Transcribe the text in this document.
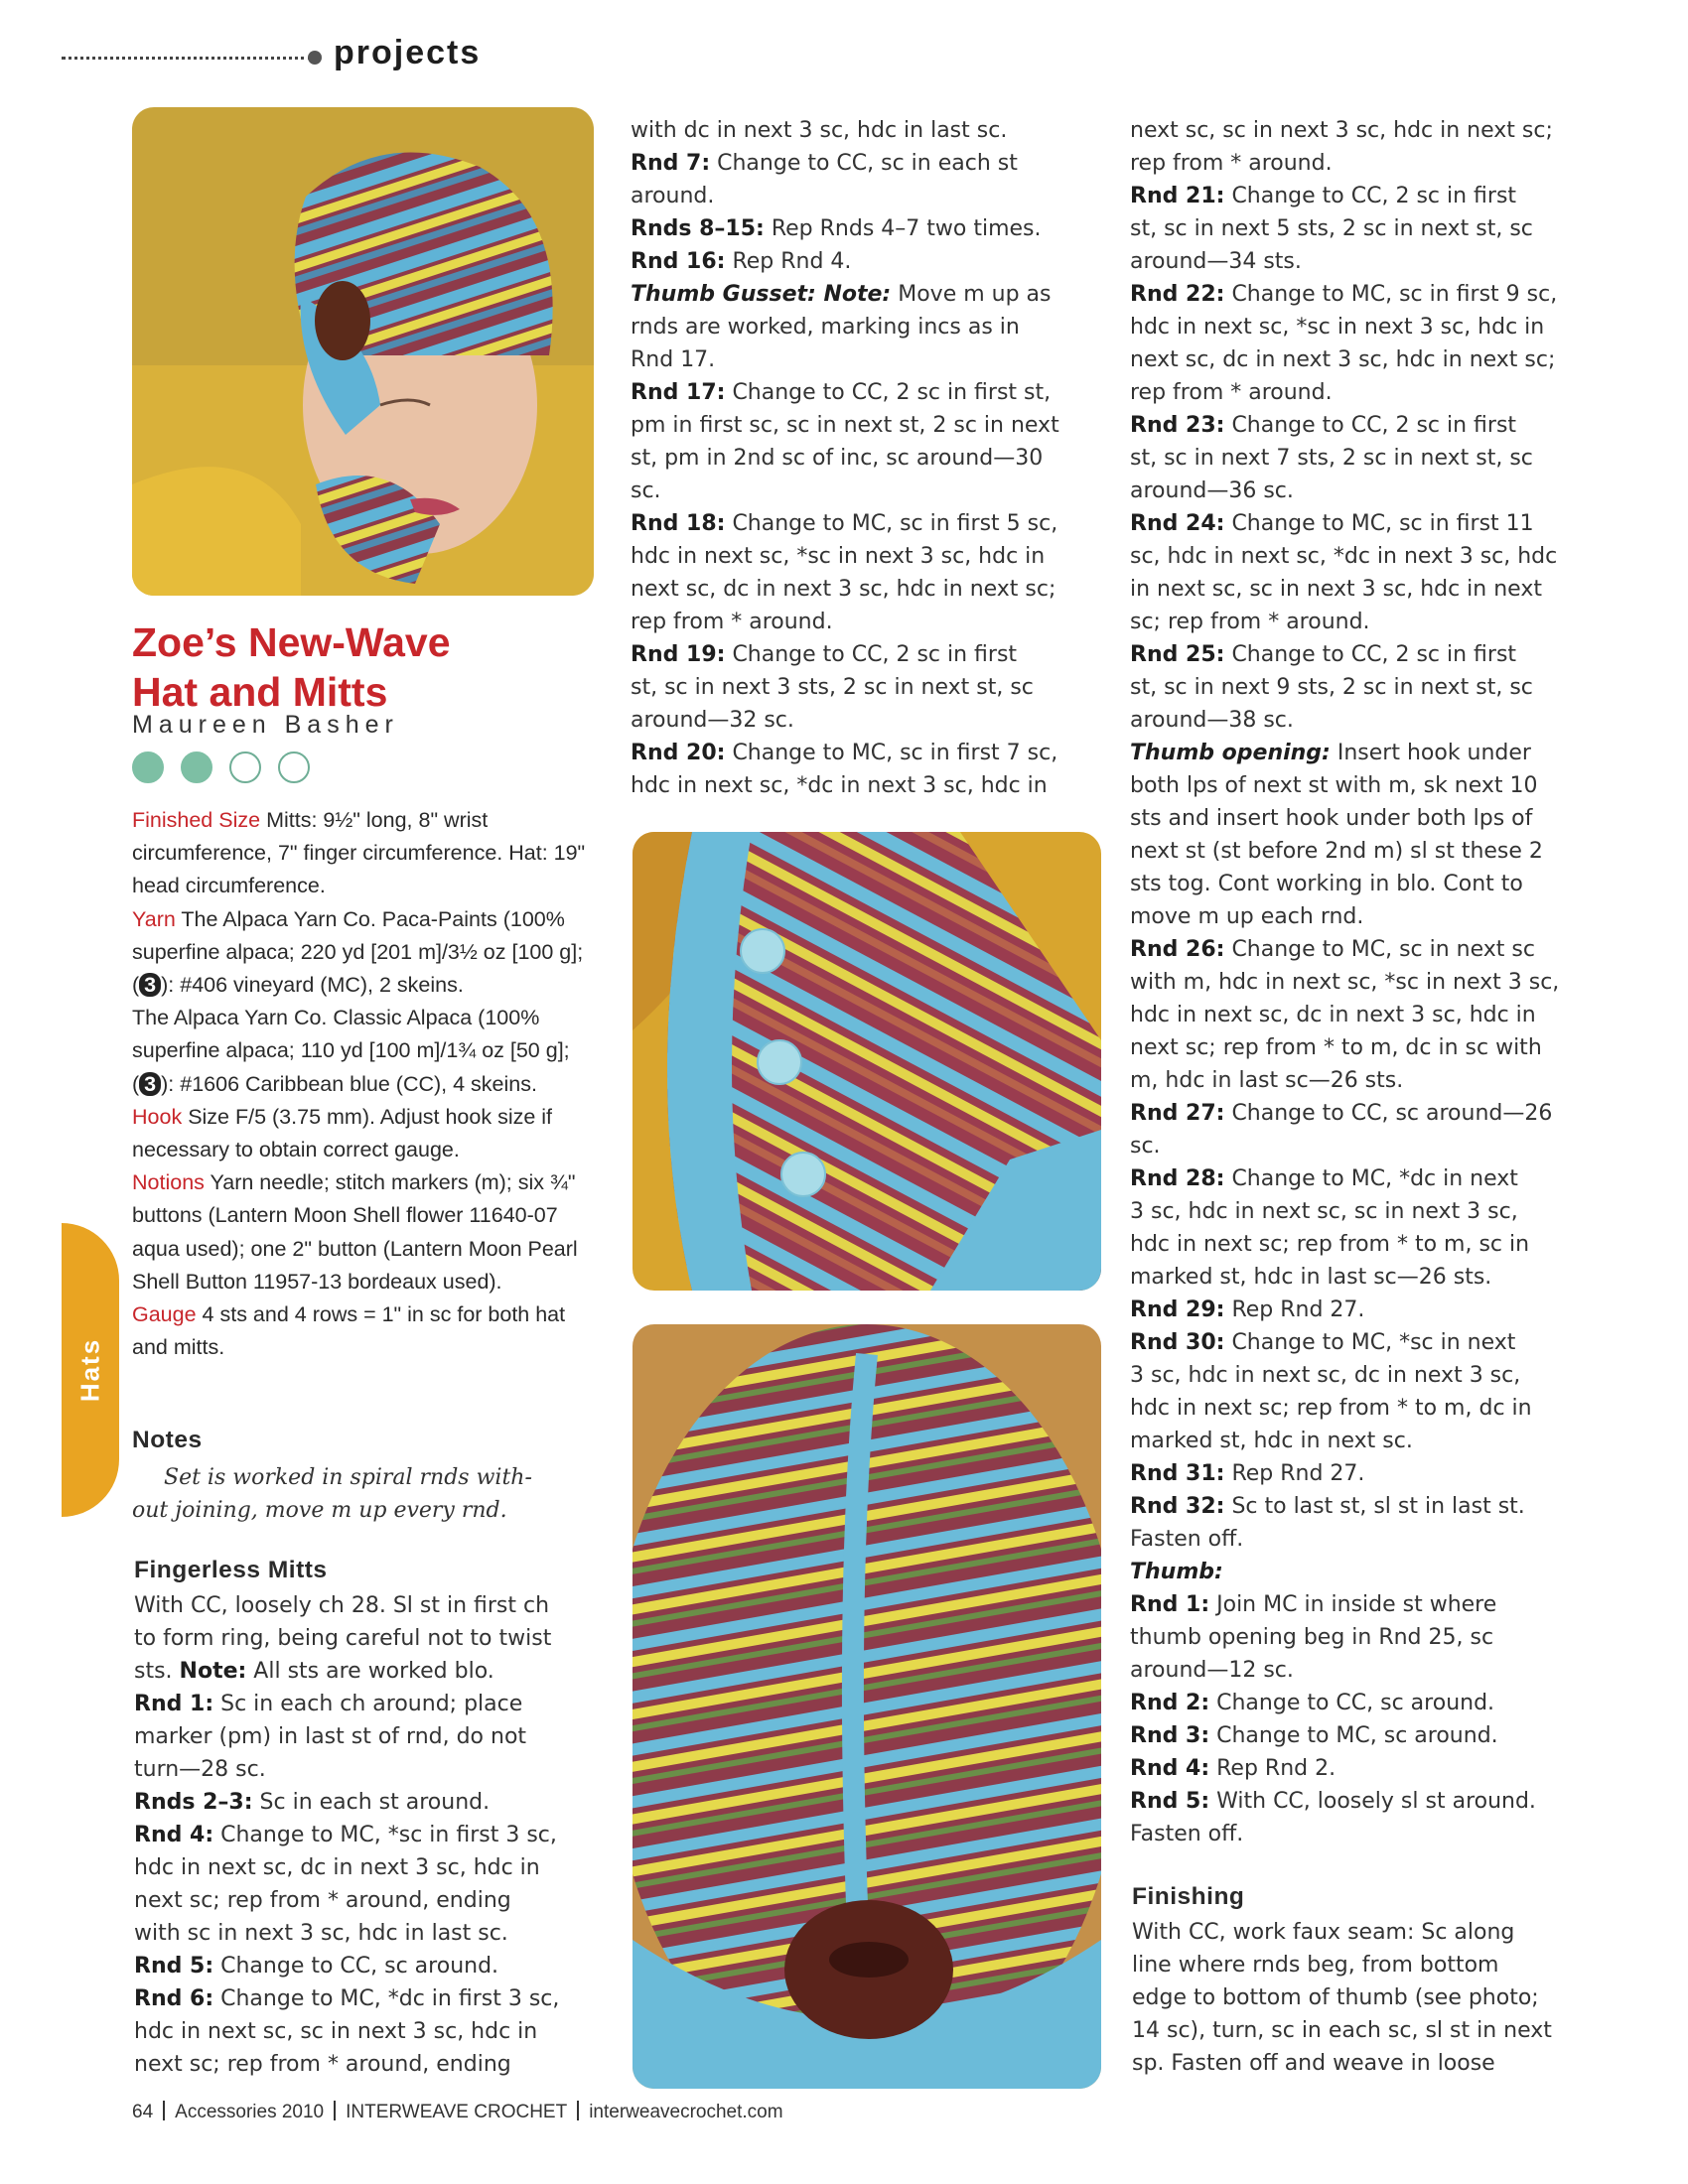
projects
Zoe’s New-Wave
Hat and Mitts
Maureen Basher

Finished Size Mitts: 9½" long, 8" wrist circumference, 7" finger circumference. Hat: 19" head circumference.

Yarn The Alpaca Yarn Co. Paca-Paints (100% superfine alpaca; 220 yd [201 m]/3½ oz [100 g]; ( 3 ): #406 vineyard (MC), 2 skeins.

The Alpaca Yarn Co. Classic Alpaca (100% superfine alpaca; 110 yd [100 m]/1¾ oz [50 g]; ( 3 ): #1606 Caribbean blue (CC), 4 skeins.

Hook Size F/5 (3.75 mm). Adjust hook size if necessary to obtain correct gauge.

Notions Yarn needle; stitch markers (m); six ¾" buttons (Lantern Moon Shell flower 11640-07 aqua used); one 2" button (Lantern Moon Pearl Shell Button 11957-13 bordeaux used).

Gauge 4 sts and 4 rows = 1" in sc for both hat and mitts.

Notes
Set is worked in spiral rnds with-
out joining, move m up every rnd.
Fingerless Mitts
With CC, loosely ch 28. Sl st in first ch
to form ring, being careful not to twist
sts. Note: All sts are worked blo.
Rnd 1: Sc in each ch around; place
marker (pm) in last st of rnd, do not
turn—28 sc.
Rnds 2–3: Sc in each st around.
Rnd 4: Change to MC, *sc in first 3 sc,
hdc in next sc, dc in next 3 sc, hdc in
next sc; rep from * around, ending
with sc in next 3 sc, hdc in last sc.
Rnd 5: Change to CC, sc around.
Rnd 6: Change to MC, *dc in first 3 sc,
hdc in next sc, sc in next 3 sc, hdc in
next sc; rep from * around, ending
with dc in next 3 sc, hdc in last sc.
Rnd 7: Change to CC, sc in each st
around.
Rnds 8–15: Rep Rnds 4–7 two times.
Rnd 16: Rep Rnd 4.
Thumb Gusset: Note: Move m up as
rnds are worked, marking incs as in
Rnd 17.
Rnd 17: Change to CC, 2 sc in first st,
pm in first sc, sc in next st, 2 sc in next
st, pm in 2nd sc of inc, sc around—30
sc.
Rnd 18: Change to MC, sc in first 5 sc,
hdc in next sc, *sc in next 3 sc, hdc in
next sc, dc in next 3 sc, hdc in next sc;
rep from * around.
Rnd 19: Change to CC, 2 sc in first
st, sc in next 3 sts, 2 sc in next st, sc
around—32 sc.
Rnd 20: Change to MC, sc in first 7 sc,
hdc in next sc, *dc in next 3 sc, hdc in
next sc, sc in next 3 sc, hdc in next sc;
rep from * around.
Rnd 21: Change to CC, 2 sc in first
st, sc in next 5 sts, 2 sc in next st, sc
around—34 sts.
Rnd 22: Change to MC, sc in first 9 sc,
hdc in next sc, *sc in next 3 sc, hdc in
next sc, dc in next 3 sc, hdc in next sc;
rep from * around.
Rnd 23: Change to CC, 2 sc in first
st, sc in next 7 sts, 2 sc in next st, sc
around—36 sc.
Rnd 24: Change to MC, sc in first 11
sc, hdc in next sc, *dc in next 3 sc, hdc
in next sc, sc in next 3 sc, hdc in next
sc; rep from * around.
Rnd 25: Change to CC, 2 sc in first
st, sc in next 9 sts, 2 sc in next st, sc
around—38 sc.
Thumb opening: Insert hook under
both lps of next st with m, sk next 10
sts and insert hook under both lps of
next st (st before 2nd m) sl st these 2
sts tog. Cont working in blo. Cont to
move m up each rnd.
Rnd 26: Change to MC, sc in next sc
with m, hdc in next sc, *sc in next 3 sc,
hdc in next sc, dc in next 3 sc, hdc in
next sc; rep from * to m, dc in sc with
m, hdc in last sc—26 sts.
Rnd 27: Change to CC, sc around—26
sc.
Rnd 28: Change to MC, *dc in next
3 sc, hdc in next sc, sc in next 3 sc,
hdc in next sc; rep from * to m, sc in
marked st, hdc in last sc—26 sts.
Rnd 29: Rep Rnd 27.
Rnd 30: Change to MC, *sc in next
3 sc, hdc in next sc, dc in next 3 sc,
hdc in next sc; rep from * to m, dc in
marked st, hdc in next sc.
Rnd 31: Rep Rnd 27.
Rnd 32: Sc to last st, sl st in last st.
Fasten off.
Thumb:
Rnd 1: Join MC in inside st where
thumb opening beg in Rnd 25, sc
around—12 sc.
Rnd 2: Change to CC, sc around.
Rnd 3: Change to MC, sc around.
Rnd 4: Rep Rnd 2.
Rnd 5: With CC, loosely sl st around.
Fasten off.
Finishing
With CC, work faux seam: Sc along
line where rnds beg, from bottom
edge to bottom of thumb (see photo;
14 sc), turn, sc in each sc, sl st in next
sp. Fasten off and weave in loose
Hats
64 Accessories 2010 INTERWEAVE CROCHET interweavecrochet.com
